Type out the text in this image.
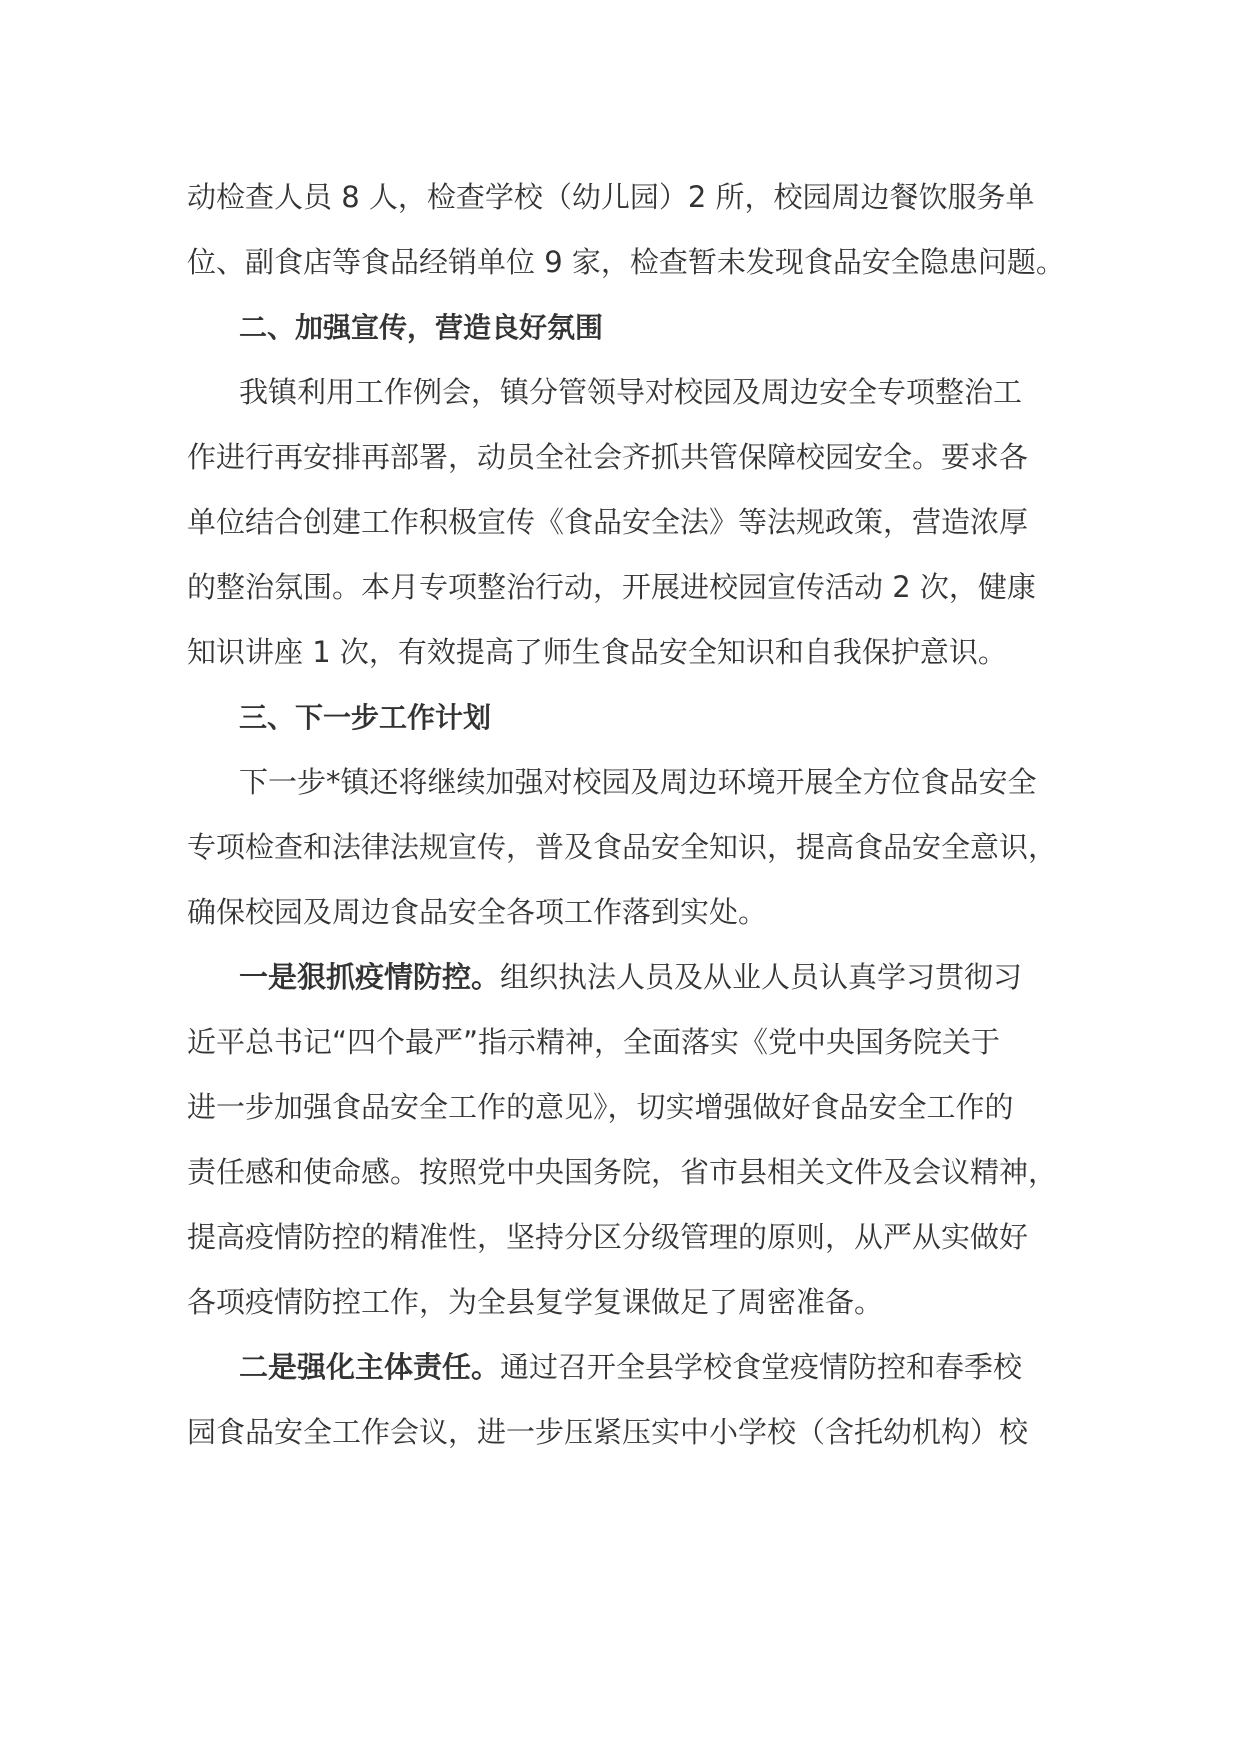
动检查人员 8 人，检查学校（幼儿园）2 所，校园周边餐饮服务单
位、副食店等食品经销单位 9 家，检查暂未发现食品安全隐患问题。
二、加强宣传，营造良好氛围
我镇利用工作例会，镇分管领导对校园及周边安全专项整治工
作进行再安排再部署，动员全社会齐抓共管保障校园安全。要求各
单位结合创建工作积极宣传《食品安全法》等法规政策，营造浓厚
的整治氛围。本月专项整治行动，开展进校园宣传活动 2 次，健康
知识讲座 1 次，有效提高了师生食品安全知识和自我保护意识。
三、下一步工作计划
下一步*镇还将继续加强对校园及周边环境开展全方位食品安全
专项检查和法律法规宣传，普及食品安全知识，提高食品安全意识，
确保校园及周边食品安全各项工作落到实处。
一是狠抓疫情防控。组织执法人员及从业人员认真学习贯彻习
近平总书记“四个最严”指示精神，全面落实《党中央国务院关于
进一步加强食品安全工作的意见》，切实增强做好食品安全工作的
责任感和使命感。按照党中央国务院，省市县相关文件及会议精神，
提高疫情防控的精准性，坚持分区分级管理的原则，从严从实做好
各项疫情防控工作，为全县复学复课做足了周密准备。
二是强化主体责任。通过召开全县学校食堂疫情防控和春季校
园食品安全工作会议，进一步压紧压实中小学校（含托幼机构）校
